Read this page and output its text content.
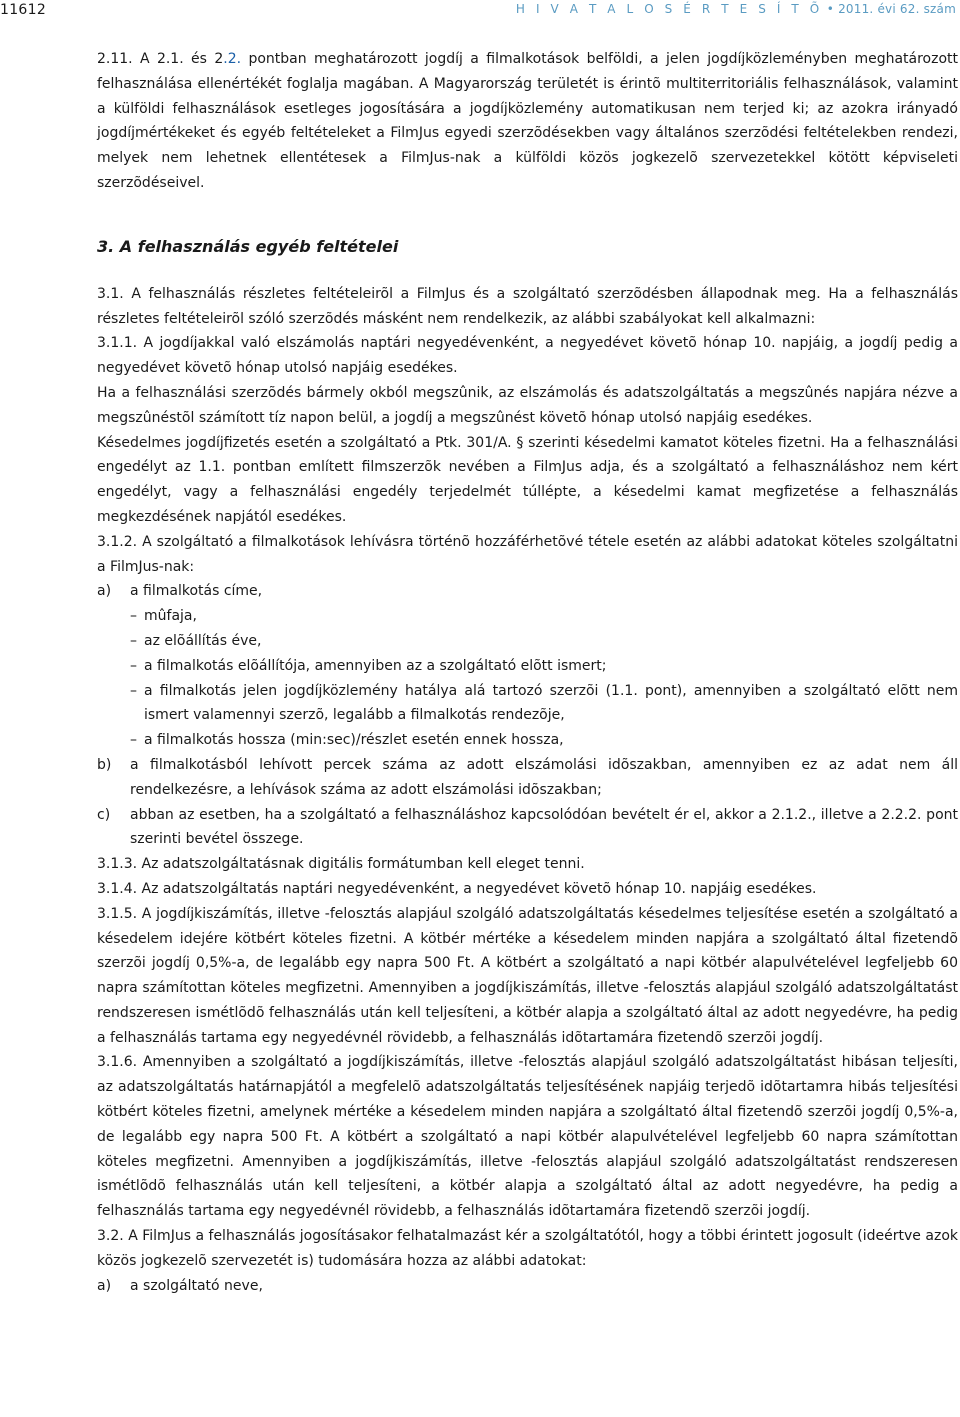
11612	H I V A T A L O S É R T E S Í T Õ • 2011. évi 62. szám

2.11. A 2.1. és 2.2. pontban meghatározott jogdíj a filmalkotások belföldi, a jelen jogdíjközleményben meghatározott felhasználása ellenértékét foglalja magában. A Magyarország területét is érintõ multiterritoriális felhasználások, valamint a külföldi felhasználások esetleges jogosítására a jogdíjközlemény automatikusan nem terjed ki; az azokra irányadó jogdíjmértékeket és egyéb feltételeket a FilmJus egyedi szerzõdésekben vagy általános szerzõdési feltételekben rendezi, melyek nem lehetnek ellentétesek a FilmJus-nak a külföldi közös jogkezelõ szervezetekkel kötött képviseleti szerzõdéseivel.

3. A felhasználás egyéb feltételei

3.1. A felhasználás részletes feltételeirõl a FilmJus és a szolgáltató szerzõdésben állapodnak meg. Ha a felhasználás részletes feltételeirõl szóló szerzõdés másként nem rendelkezik, az alábbi szabályokat kell alkalmazni:

3.1.1. A jogdíjakkal való elszámolás naptári negyedévenként, a negyedévet követõ hónap 10. napjáig, a jogdíj pedig a negyedévet követõ hónap utolsó napjáig esedékes.

Ha a felhasználási szerzõdés bármely okból megszûnik, az elszámolás és adatszolgáltatás a megszûnés napjára nézve a megszûnéstõl számított tíz napon belül, a jogdíj a megszûnést követõ hónap utolsó napjáig esedékes.

Késedelmes jogdíjfizetés esetén a szolgáltató a Ptk. 301/A. § szerinti késedelmi kamatot köteles fizetni. Ha a felhasználási engedélyt az 1.1. pontban említett filmszerzõk nevében a FilmJus adja, és a szolgáltató a felhasználáshoz nem kért engedélyt, vagy a felhasználási engedély terjedelmét túllépte, a késedelmi kamat megfizetése a felhasználás megkezdésének napjától esedékes.

3.1.2. A szolgáltató a filmalkotások lehívásra történõ hozzáférhetõvé tétele esetén az alábbi adatokat köteles szolgáltatni a FilmJus-nak:

a)	a filmalkotás címe,
– mûfaja,
– az elõállítás éve,
– a filmalkotás elõállítója, amennyiben az a szolgáltató elõtt ismert;
– a filmalkotás jelen jogdíjközlemény hatálya alá tartozó szerzõi (1.1. pont), amennyiben a szolgáltató elõtt nem ismert valamennyi szerzõ, legalább a filmalkotás rendezõje,
– a filmalkotás hossza (min:sec)/részlet esetén ennek hossza,
b)	a filmalkotásból lehívott percek száma az adott elszámolási idõszakban, amennyiben ez az adat nem áll rendelkezésre, a lehívások száma az adott elszámolási idõszakban;
c)	abban az esetben, ha a szolgáltató a felhasználáshoz kapcsolódóan bevételt ér el, akkor a 2.1.2., illetve a 2.2.2. pont szerinti bevétel összege.

3.1.3. Az adatszolgáltatásnak digitális formátumban kell eleget tenni.

3.1.4. Az adatszolgáltatás naptári negyedévenként, a negyedévet követõ hónap 10. napjáig esedékes.

3.1.5. A jogdíjkiszámítás, illetve -felosztás alapjául szolgáló adatszolgáltatás késedelmes teljesítése esetén a szolgáltató a késedelem idejére kötbért köteles fizetni. A kötbér mértéke a késedelem minden napjára a szolgáltató által fizetendõ szerzõi jogdíj 0,5%-a, de legalább egy napra 500 Ft. A kötbért a szolgáltató a napi kötbér alapulvételével legfeljebb 60 napra számítottan köteles megfizetni. Amennyiben a jogdíjkiszámítás, illetve -felosztás alapjául szolgáló adatszolgáltatást rendszeresen ismétlõdõ felhasználás után kell teljesíteni, a kötbér alapja a szolgáltató által az adott negyedévre, ha pedig a felhasználás tartama egy negyedévnél rövidebb, a felhasználás idõtartamára fizetendõ szerzõi jogdíj.

3.1.6. Amennyiben a szolgáltató a jogdíjkiszámítás, illetve -felosztás alapjául szolgáló adatszolgáltatást hibásan teljesíti, az adatszolgáltatás határnapjától a megfelelõ adatszolgáltatás teljesítésének napjáig terjedõ idõtartamra hibás teljesítési kötbért köteles fizetni, amelynek mértéke a késedelem minden napjára a szolgáltató által fizetendõ szerzõi jogdíj 0,5%-a, de legalább egy napra 500 Ft. A kötbért a szolgáltató a napi kötbér alapulvételével legfeljebb 60 napra számítottan köteles megfizetni. Amennyiben a jogdíjkiszámítás, illetve -felosztás alapjául szolgáló adatszolgáltatást rendszeresen ismétlõdõ felhasználás után kell teljesíteni, a kötbér alapja a szolgáltató által az adott negyedévre, ha pedig a felhasználás tartama egy negyedévnél rövidebb, a felhasználás idõtartamára fizetendõ szerzõi jogdíj.

3.2. A FilmJus a felhasználás jogosításakor felhatalmazást kér a szolgáltatótól, hogy a többi érintett jogosult (ideértve azok közös jogkezelõ szervezetét is) tudomására hozza az alábbi adatokat:

a)	a szolgáltató neve,
